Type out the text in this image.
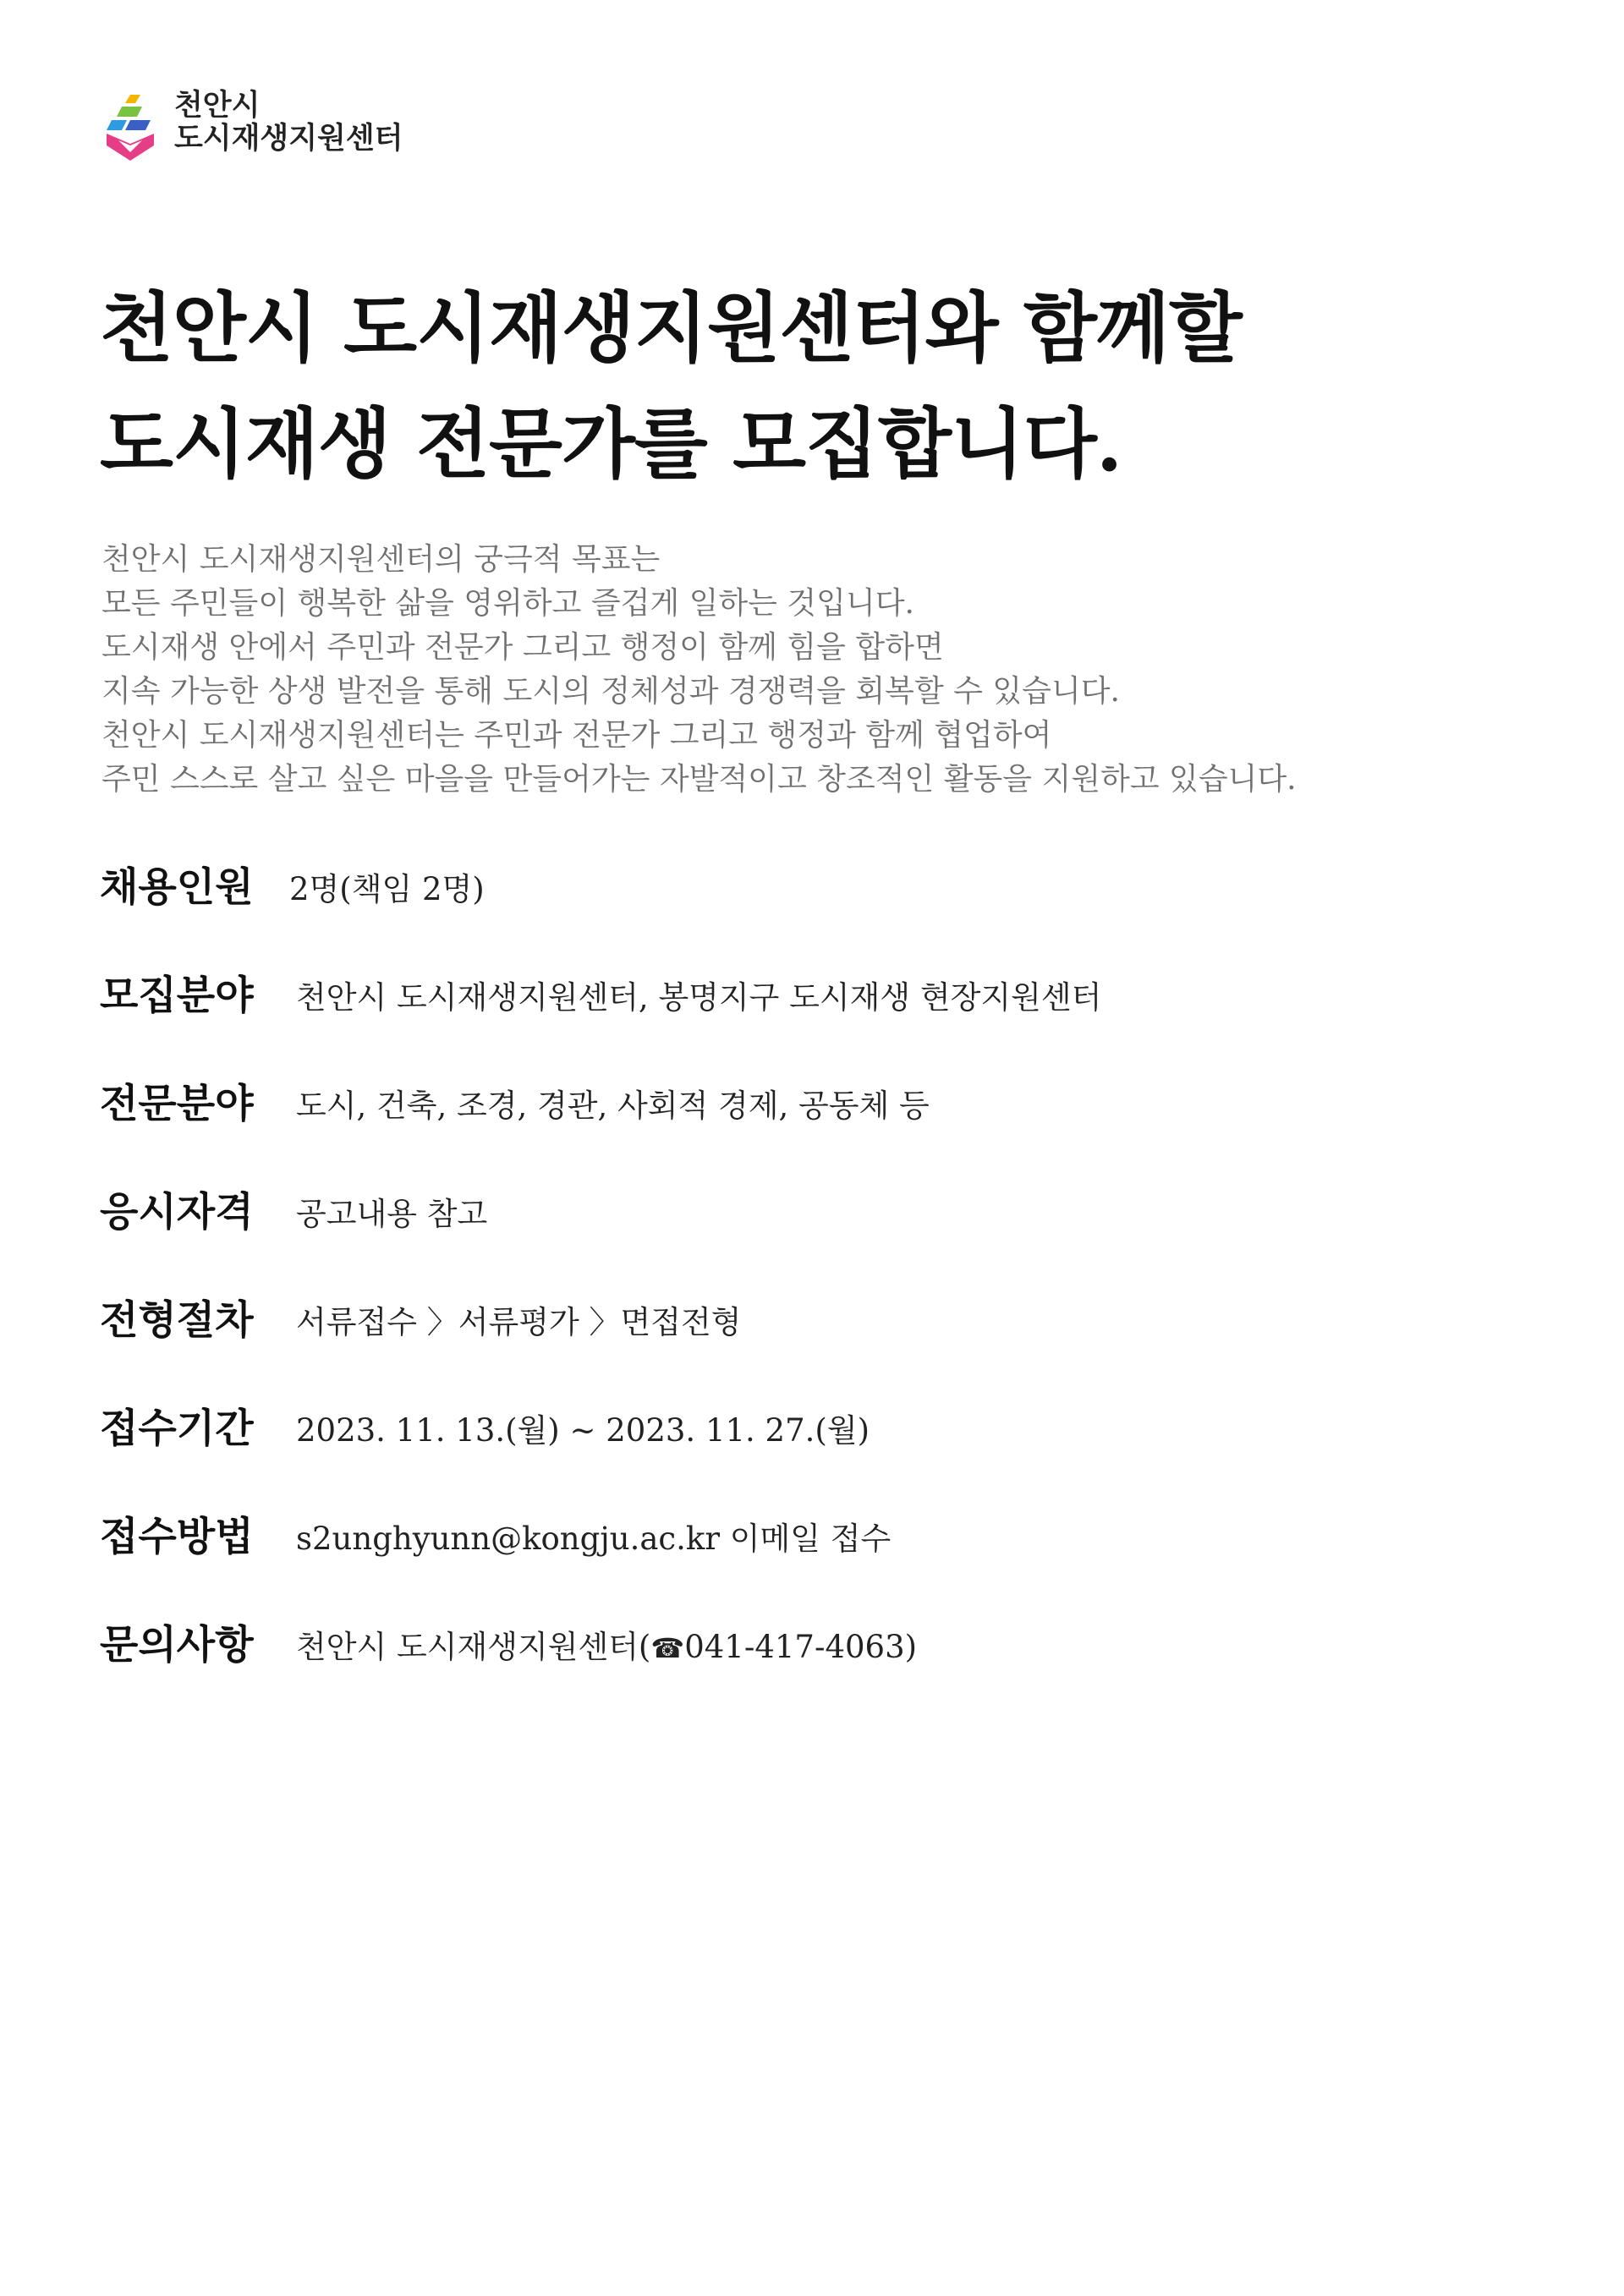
천안시
도시재생지원센터
천안시 도시재생지원센터와 함께할
도시재생 전문가를 모집합니다.

천안시 도시재생지원센터의 궁극적 목표는

모든 주민들이 행복한 삶을 영위하고 즐겁게 일하는 것입니다.

도시재생 안에서 주민과 전문가 그리고 행정이 함께 힘을 합하면

지속 가능한 상생 발전을 통해 도시의 정체성과 경쟁력을 회복할 수 있습니다.

천안시 도시재생지원센터는 주민과 전문가 그리고 행정과 함께 협업하여

주민 스스로 살고 싶은 마을을 만들어가는 자발적이고 창조적인 활동을 지원하고 있습니다.

채용인원 2명(책임 2명)
모집분야 천안시 도시재생지원센터, 봉명지구 도시재생 현장지원센터
전문분야 도시, 건축, 조경, 경관, 사회적 경제, 공동체 등
응시자격 공고내용 참고
전형절차 서류접수 〉서류평가 〉면접전형
접수기간 2023. 11. 13.(월) ~ 2023. 11. 27.(월)
접수방법 s2unghyunn@kongju.ac.kr 이메일 접수
문의사항 천안시 도시재생지원센터(☎041-417-4063)
